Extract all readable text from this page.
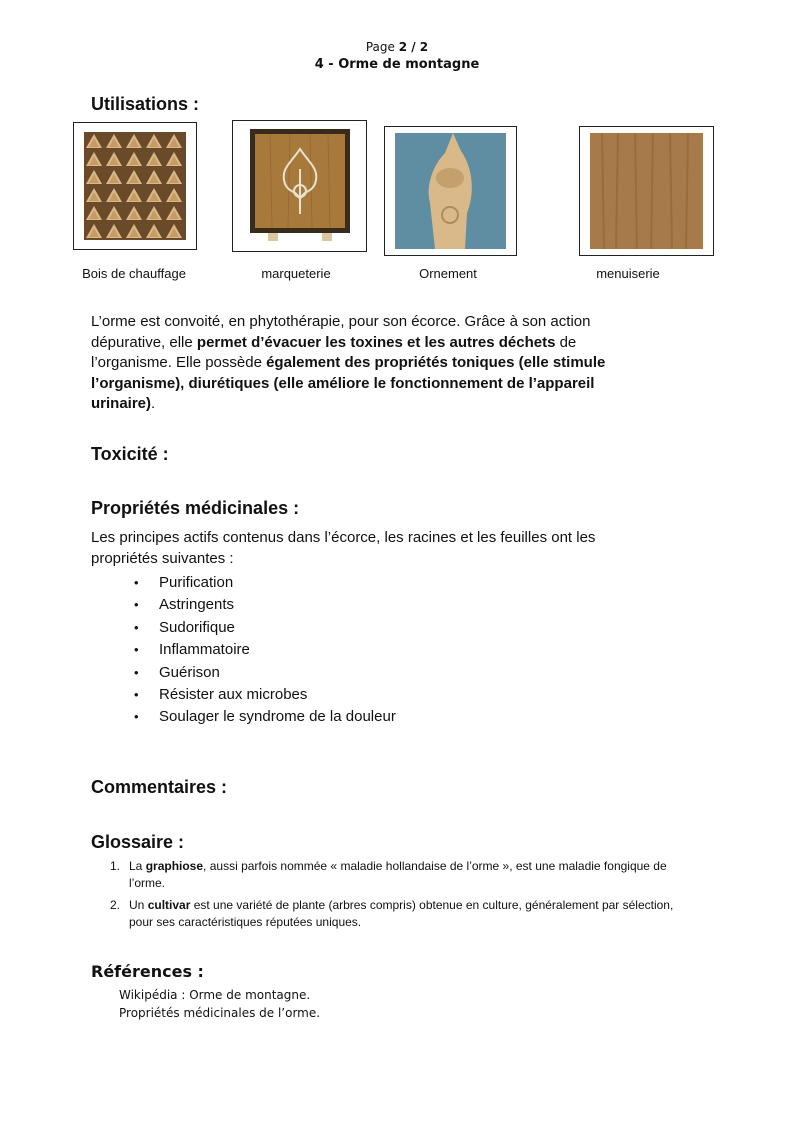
Page 2 / 2
4 - Orme de montagne
Utilisations :
Bois de chauffage	marqueterie	Ornement	menuiserie
L’orme est convoité, en phytothérapie, pour son écorce. Grâce à son action dépurative, elle permet d’évacuer les toxines et les autres déchets de l’organisme. Elle possède également des propriétés toniques (elle stimule l’organisme), diurétiques (elle améliore le fonctionnement de l’appareil urinaire).
Toxicité :
Propriétés médicinales :
Les principes actifs contenus dans l’écorce, les racines et les feuilles ont les propriétés suivantes :
• Purification
• Astringents
• Sudorifique
• Inflammatoire
• Guérison
• Résister aux microbes
• Soulager le syndrome de la douleur
Commentaires :
Glossaire :
1. La graphiose, aussi parfois nommée « maladie hollandaise de l’orme », est une maladie fongique de l’orme.
2. Un cultivar est une variété de plante (arbres compris) obtenue en culture, généralement par sélection, pour ses caractéristiques réputées uniques.
Références :
Wikipédia : Orme de montagne.
Propriétés médicinales de l’orme.
